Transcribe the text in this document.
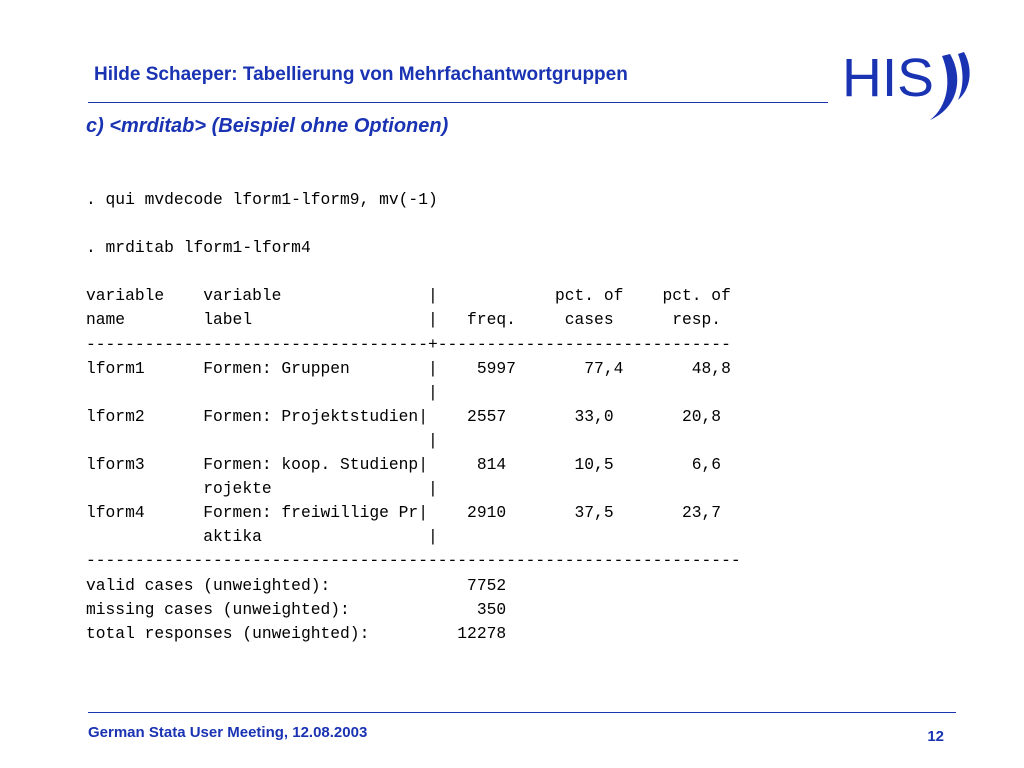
Hilde Schaeper: Tabellierung von Mehrfachantwortgruppen	HIS
c) <mrditab> (Beispiel ohne Optionen)
. qui mvdecode lform1-lform9, mv(-1)
. mrditab lform1-lform4
variable    variable               |            pct. of    pct. of
name        label                  |   freq.     cases      resp.
-----------------------------------+------------------------------
lform1      Formen: Gruppen        |    5997       77,4       48,8
|
lform2      Formen: Projektstudien|    2557       33,0       20,8
|
lform3      Formen: koop. Studienp|     814       10,5        6,6
rojekte                |
lform4      Formen: freiwillige Pr|    2910       37,5       23,7
aktika                 |
-------------------------------------------------------------------
valid cases (unweighted):              7752
missing cases (unweighted):             350
total responses (unweighted):         12278
German Stata User Meeting, 12.08.2003	12
